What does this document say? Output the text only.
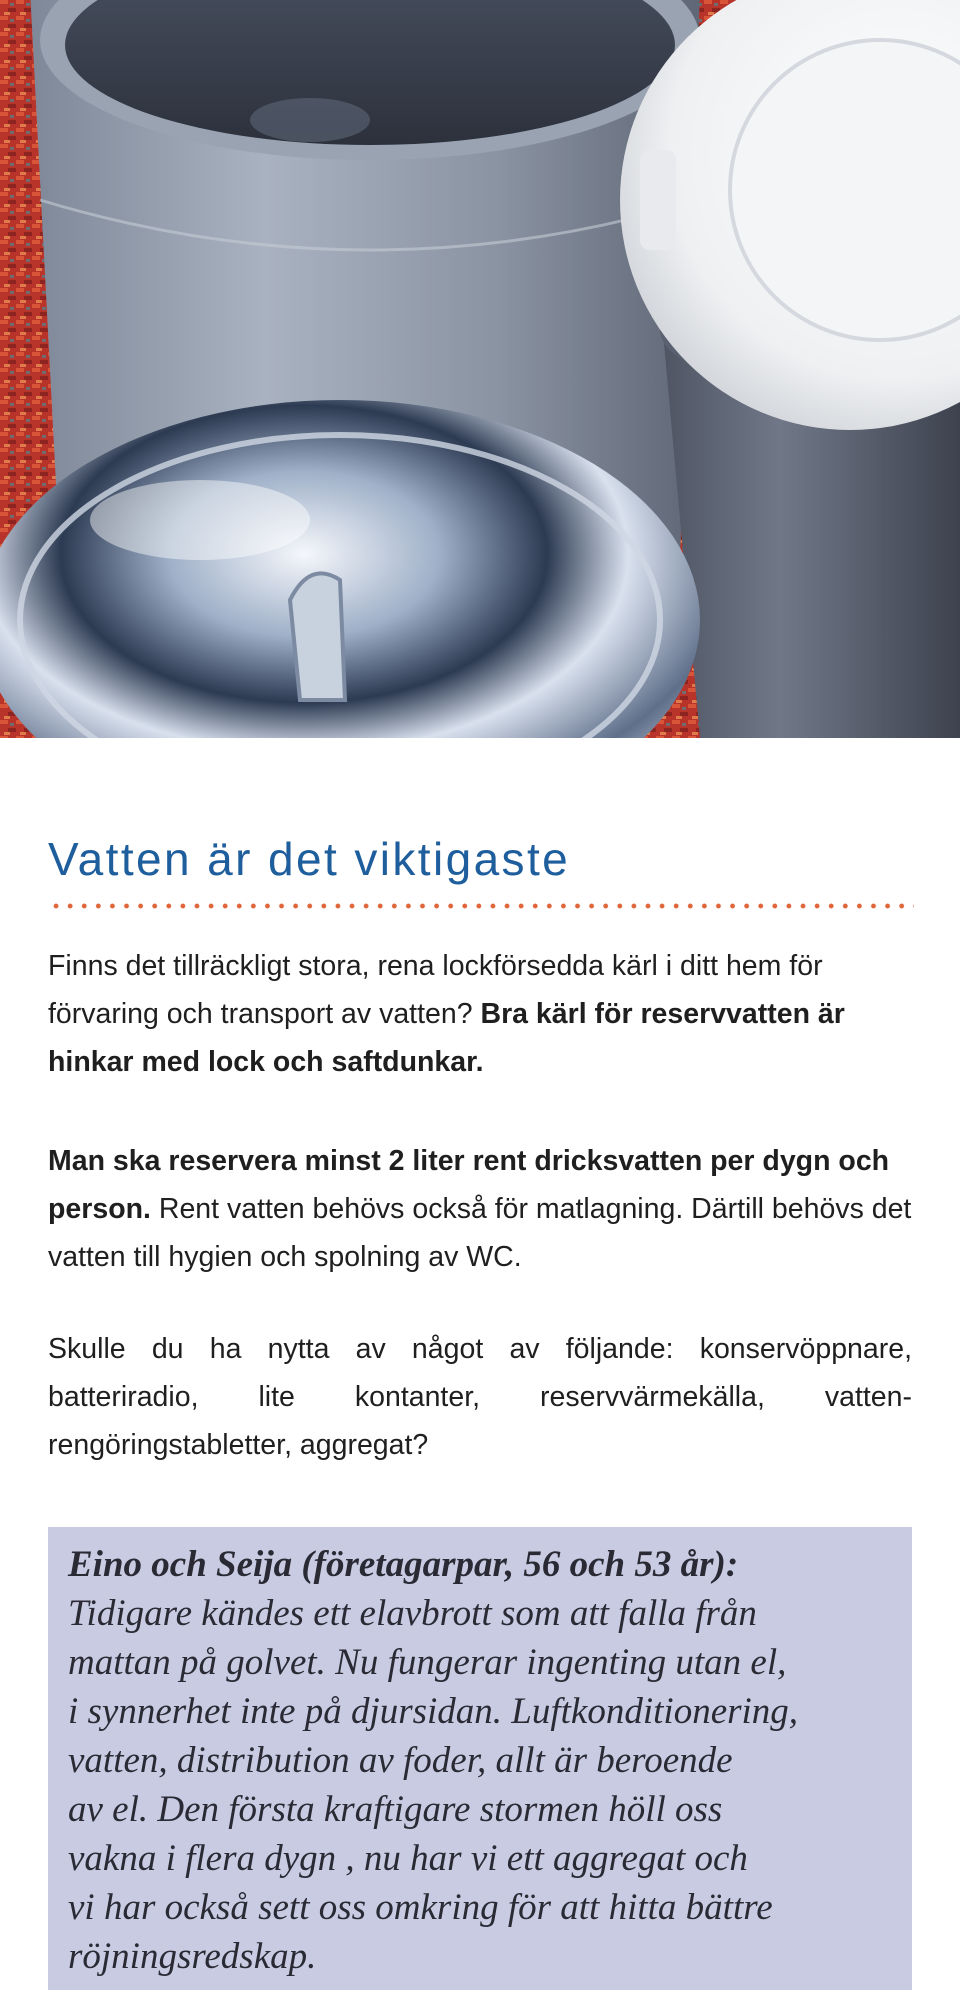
Vatten är det viktigaste

Finns det tillräckligt stora, rena lockförsedda kärl i ditt hem för förvaring och transport av vatten? Bra kärl för reservvatten är hinkar med lock och saftdunkar.

Man ska reservera minst 2 liter rent dricksvatten per dygn och person. Rent vatten behövs också för matlagning. Därtill behövs det vatten till hygien och spolning av WC.

Skulle du ha nytta av något av följande: konservöppnare, batteriradio, lite kontanter, reservvärmekälla, vatten-rengöringstabletter, aggregat?

Eino och Seija (företagarpar, 56 och 53 år):

Tidigare kändes ett elavbrott som att falla från

mattan på golvet. Nu fungerar ingenting utan el,

i synnerhet inte på djursidan. Luftkonditionering,

vatten, distribution av foder, allt är beroende

av el. Den första kraftigare stormen höll oss

vakna i flera dygn , nu har vi ett aggregat och

vi har också sett oss omkring för att hitta bättre

röjningsredskap.
